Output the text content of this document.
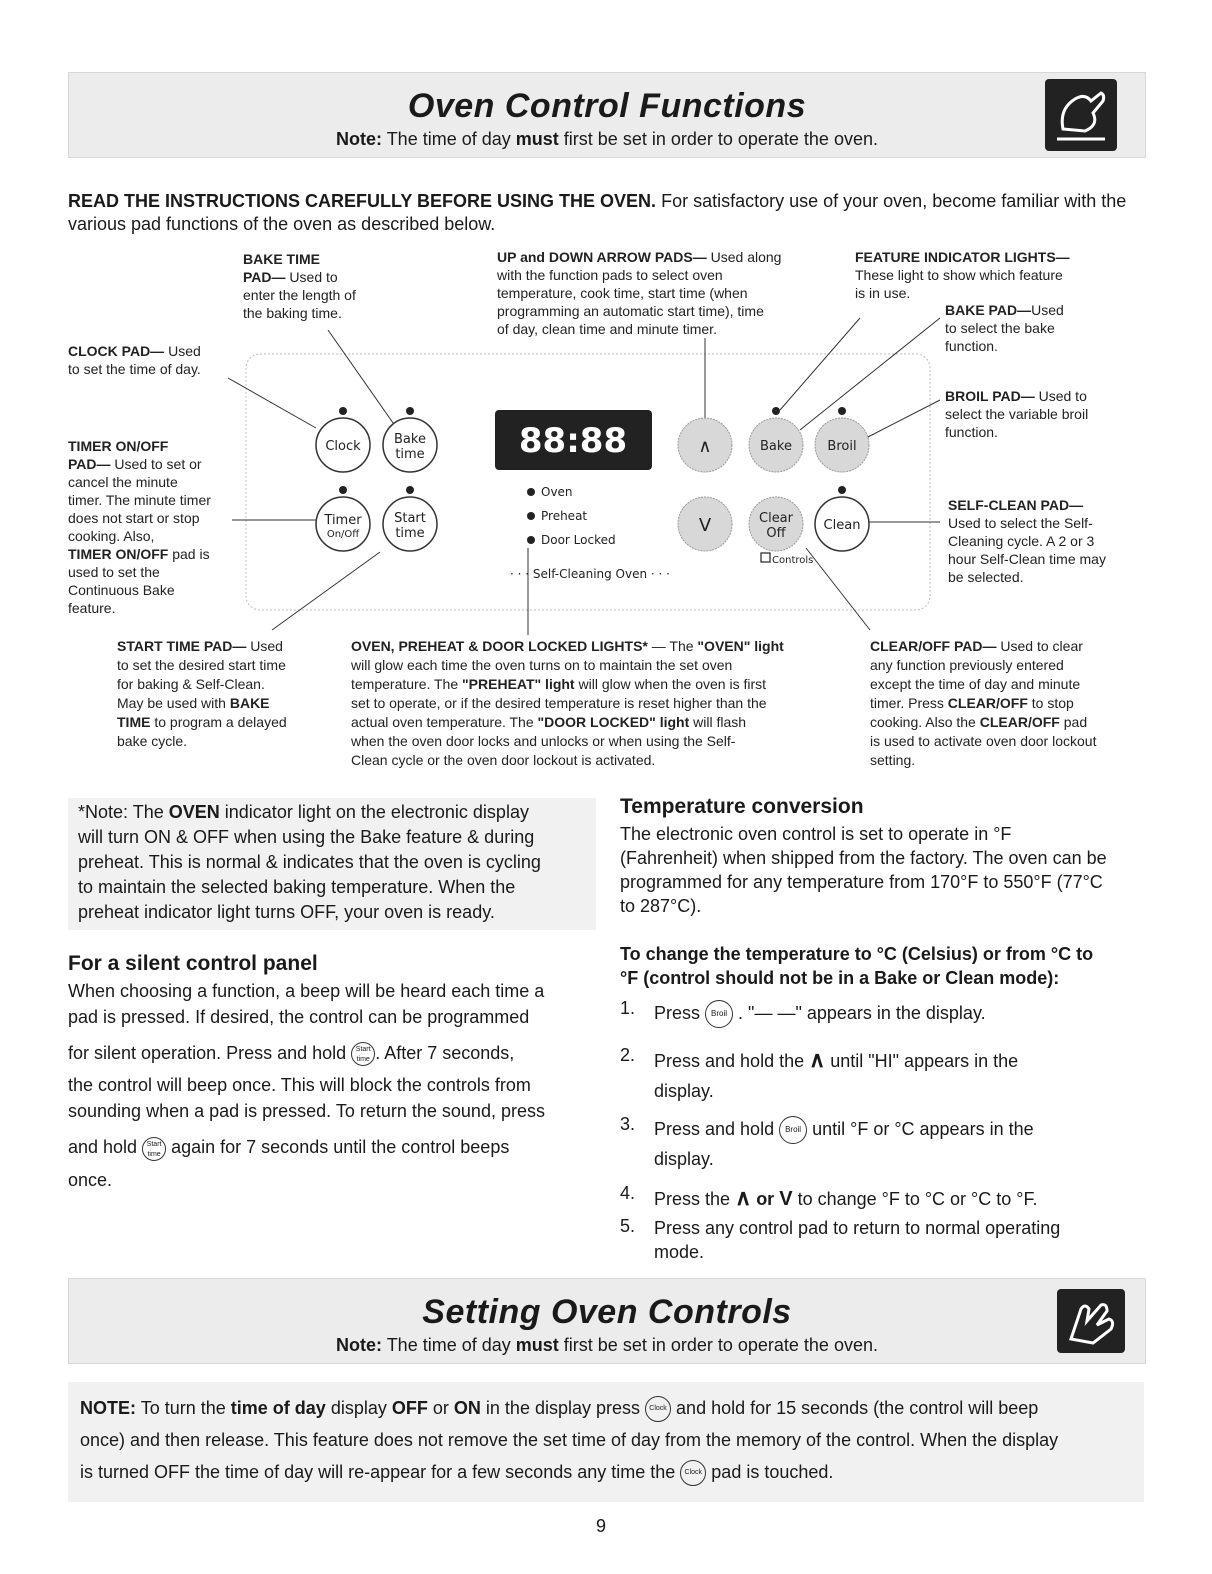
Oven Control Functions
Note: The time of day must first be set in order to operate the oven.
READ THE INSTRUCTIONS CAREFULLY BEFORE USING THE OVEN. For satisfactory use of your oven, become familiar with the various pad functions of the oven as described below.
BAKE TIME
PAD— Used to
enter the length of
the baking time.
UP and DOWN ARROW PADS— Used along
with the function pads to select oven
temperature, cook time, start time (when
programming an automatic start time), time
of day, clean time and minute timer.
FEATURE INDICATOR LIGHTS—
These light to show which feature
is in use.
BAKE PAD—Used
to select the bake
function.
CLOCK PAD— Used
to set the time of day.
BROIL PAD— Used to
select the variable broil
function.
TIMER ON/OFF
PAD— Used to set or
cancel the minute
timer. The minute timer
does not start or stop
cooking. Also,
TIMER ON/OFF pad is
used to set the
Continuous Bake
feature.
SELF-CLEAN PAD—
Used to select the Self-
Cleaning cycle. A 2 or 3
hour Self-Clean time may
be selected.
START TIME PAD— Used
to set the desired start time
for baking & Self-Clean.
May be used with BAKE
TIME to program a delayed
bake cycle.
OVEN, PREHEAT & DOOR LOCKED LIGHTS* — The "OVEN" light
will glow each time the oven turns on to maintain the set oven
temperature. The "PREHEAT" light will glow when the oven is first
set to operate, or if the desired temperature is reset higher than the
actual oven temperature. The "DOOR LOCKED" light will flash
when the oven door locks and unlocks or when using the Self-
Clean cycle or the oven door lockout is activated.
CLEAR/OFF PAD— Used to clear
any function previously entered
except the time of day and minute
timer. Press CLEAR/OFF to stop
cooking. Also the CLEAR/OFF pad
is used to activate oven door lockout
setting.
88:88
Clock	Bake
time
Timer
On/Off
Start
time
∧	Bake	Broil
V	Clear
Off
Clean
Oven
Preheat
Door Locked
· · · Self-Cleaning Oven · · ·
Controls
*Note: The OVEN indicator light on the electronic display
will turn ON & OFF when using the Bake feature & during
preheat. This is normal & indicates that the oven is cycling
to maintain the selected baking temperature. When the
preheat indicator light turns OFF, your oven is ready.
For a silent control panel
When choosing a function, a beep will be heard each time a
pad is pressed. If desired, the control can be programmed
for silent operation. Press and hold Start
time . After 7 seconds,
the control will beep once. This will block the controls from
sounding when a pad is pressed. To return the sound, press
and hold Start
time again for 7 seconds until the control beeps
once.
Temperature conversion
The electronic oven control is set to operate in °F
(Fahrenheit) when shipped from the factory. The oven can be
programmed for any temperature from 170°F to 550°F (77°C
to 287°C).
To change the temperature to °C (Celsius) or from °C to
°F (control should not be in a Bake or Clean mode):
1. Press Broil . "— —" appears in the display.
2. Press and hold the ∧ until "HI" appears in the
display.
3. Press and hold Broil until °F or °C appears in the
display.
4. Press the ∧ or V to change °F to °C or °C to °F.
5. Press any control pad to return to normal operating
mode.
Setting Oven Controls
Note: The time of day must first be set in order to operate the oven.
NOTE: To turn the time of day display OFF or ON in the display press Clock and hold for 15 seconds (the control will beep
once) and then release. This feature does not remove the set time of day from the memory of the control. When the display
is turned OFF the time of day will re-appear for a few seconds any time the Clock pad is touched.
9
